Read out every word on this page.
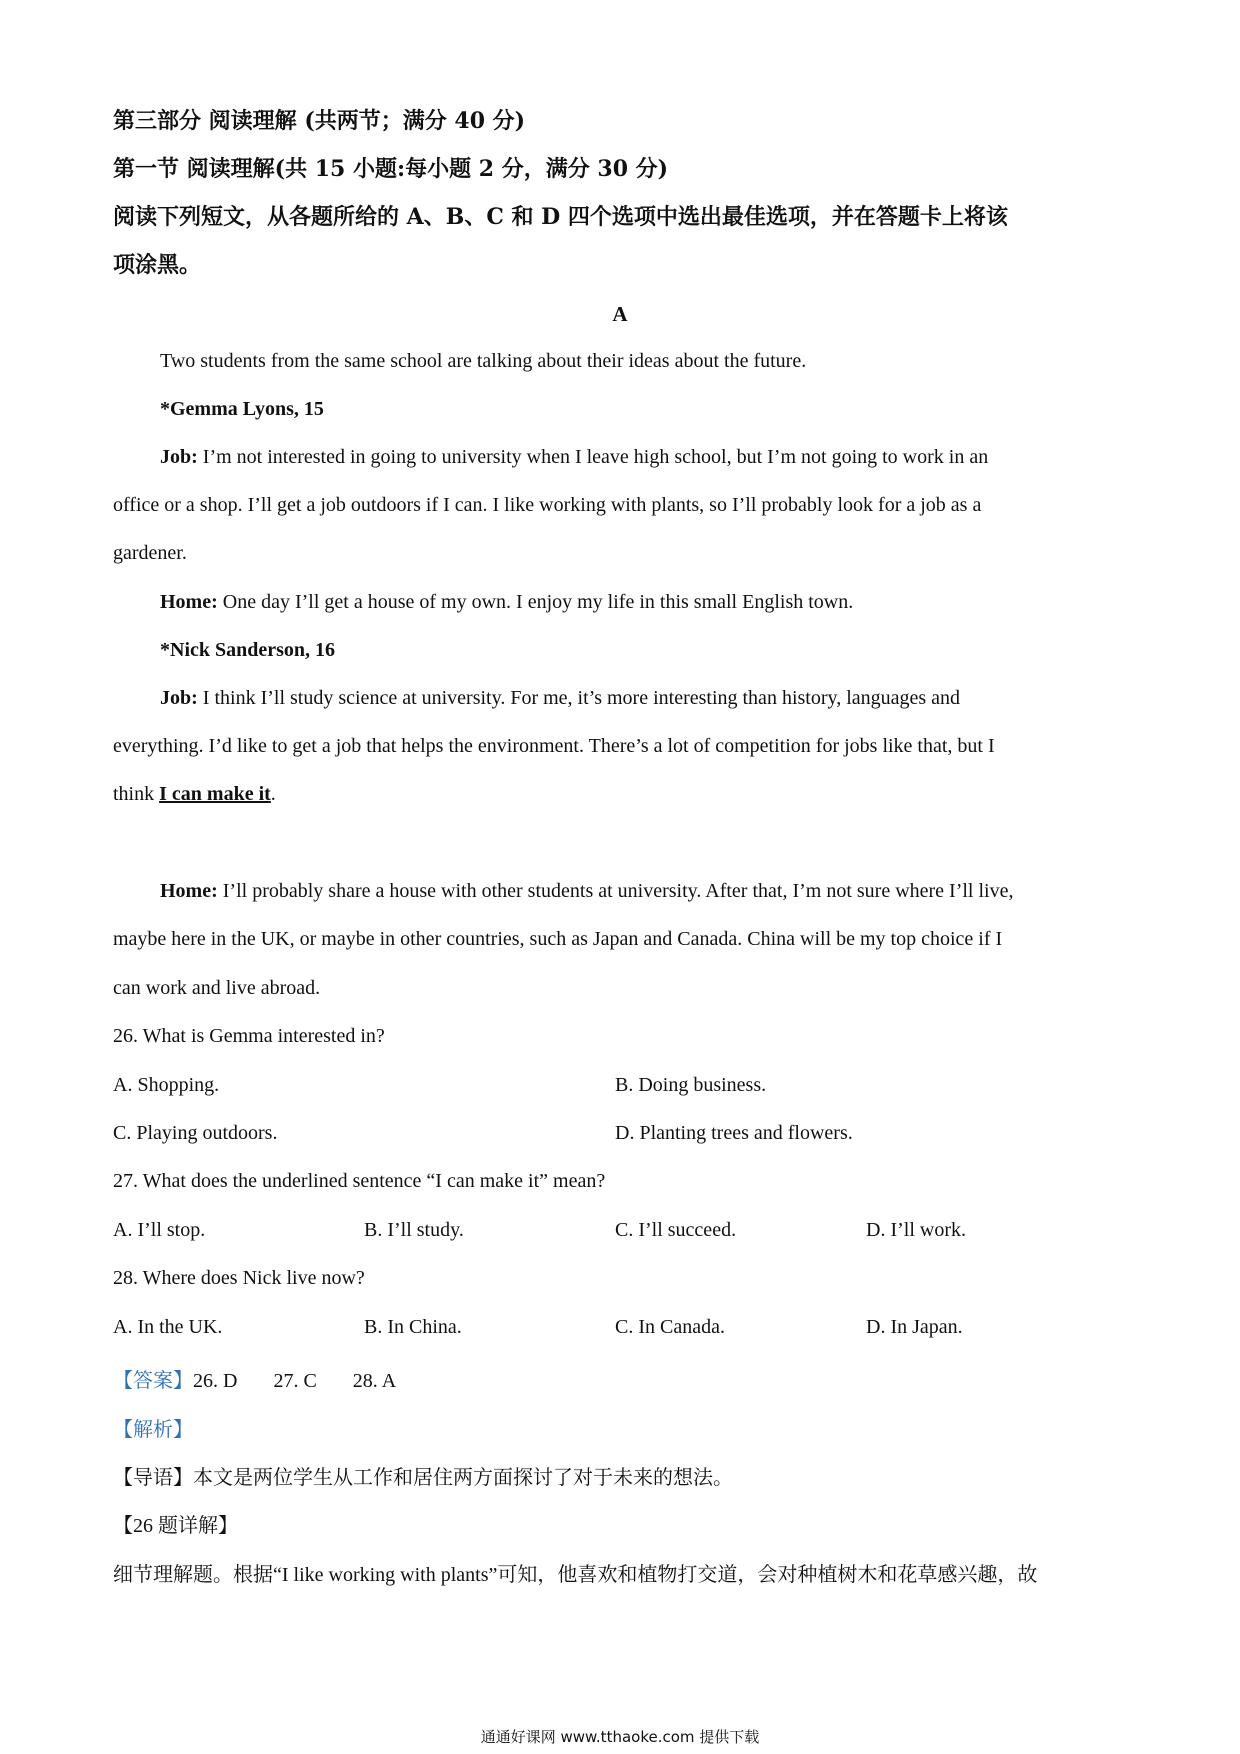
第三部分 阅读理解 (共两节；满分 40 分)
第一节 阅读理解(共 15 小题:每小题 2 分，满分 30 分)
阅读下列短文，从各题所给的 A、B、C 和 D 四个选项中选出最佳选项，并在答题卡上将该
项涂黑。
A
Two students from the same school are talking about their ideas about the future.
*Gemma Lyons, 15
Job: I’m not interested in going to university when I leave high school, but I’m not going to work in an
office or a shop. I’ll get a job outdoors if I can. I like working with plants, so I’ll probably look for a job as a
gardener.
Home: One day I’ll get a house of my own. I enjoy my life in this small English town.
*Nick Sanderson, 16
Job: I think I’ll study science at university. For me, it’s more interesting than history, languages and
everything. I’d like to get a job that helps the environment. There’s a lot of competition for jobs like that, but I
think I can make it.
Home: I’ll probably share a house with other students at university. After that, I’m not sure where I’ll live,
maybe here in the UK, or maybe in other countries, such as Japan and Canada. China will be my top choice if I
can work and live abroad.
26. What is Gemma interested in?
A. Shopping.	B. Doing business.
C. Playing outdoors.	D. Planting trees and flowers.
27. What does the underlined sentence “I can make it” mean?
A. I’ll stop.	B. I’ll study.	C. I’ll succeed.	D. I’ll work.
28. Where does Nick live now?
A. In the UK.	B. In China.	C. In Canada.	D. In Japan.
【答案】26. D 27. C 28. A
【解析】
【导语】本文是两位学生从工作和居住两方面探讨了对于未来的想法。
【26 题详解】
细节理解题。根据“I like working with plants”可知，他喜欢和植物打交道，会对种植树木和花草感兴趣，故
通通好课网 www.tthaoke.com 提供下载
